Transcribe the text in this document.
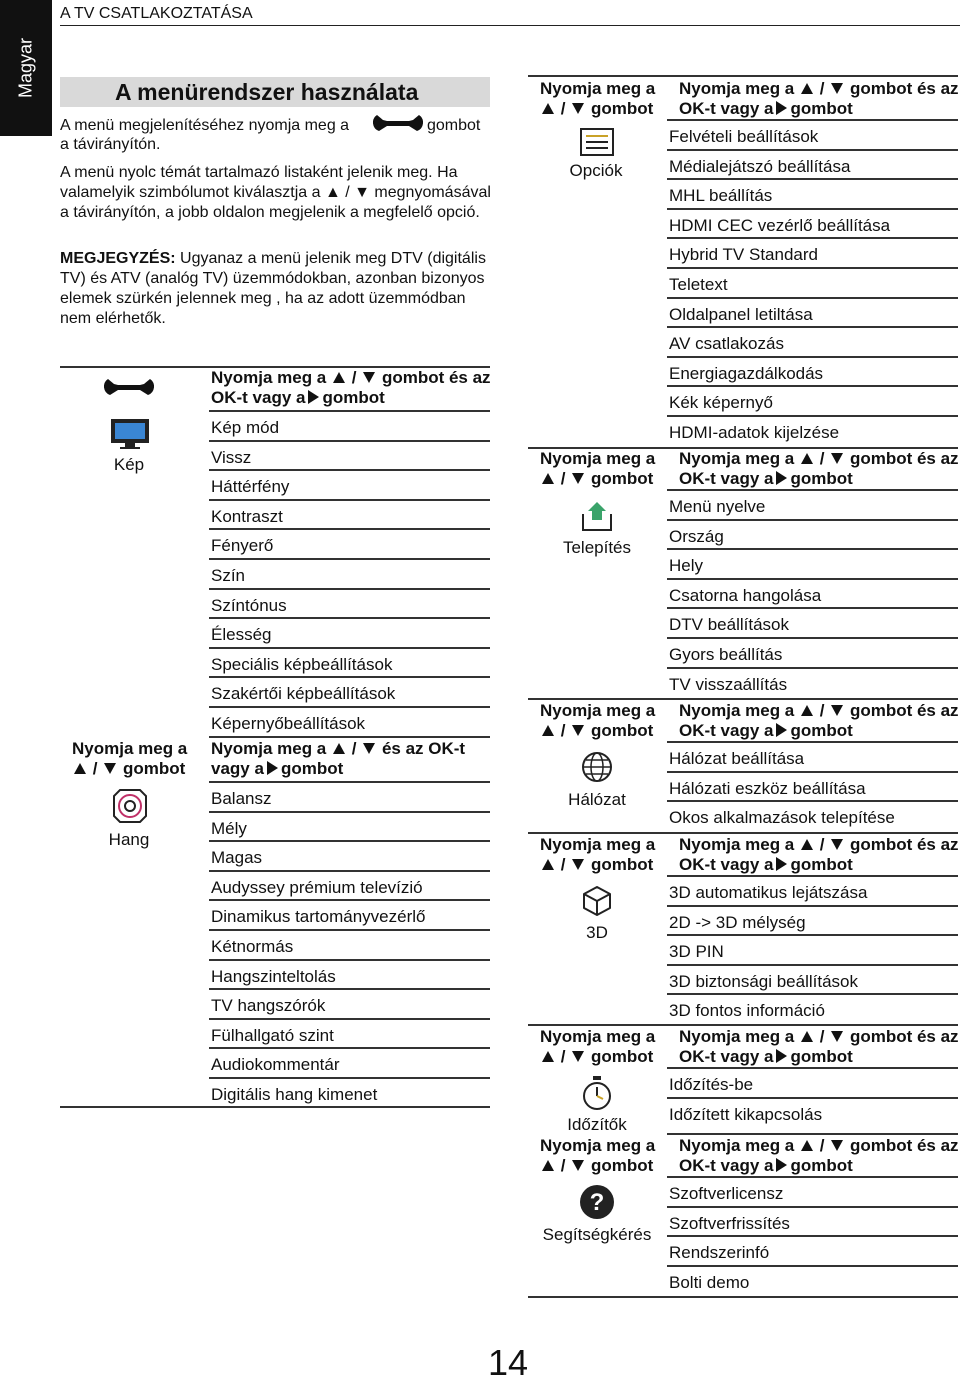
Magyar
A TV CSATLAKOZTATÁSA
A menürendszer használata
A menü megjelenítéséhez nyomja meg a	gombot
a távirányítón.
A menü nyolc témát tartalmazó listaként jelenik meg. Ha valamelyik szimbólumot kiválasztja a ▲ / ▼ megnyomásával a távirányítón, a jobb oldalon megjelenik a megfelelő opció.
MEGJEGYZÉS: Ugyanaz a menü jelenik meg DTV (digitális TV) és ATV (analóg TV) üzemmódokban, azonban bizonyos elemek szürkén jelennek meg , ha az adott üzemmódban nem elérhetők.
Kép
Nyomja meg a / gombot és az
OK-t vagy a gombot
Kép mód
Vissz
Háttérfény
Kontraszt
Fényerő
Szín
Színtónus
Élesség
Speciális képbeállítások
Szakértői képbeállítások
Képernyőbeállítások
Nyomja meg a
/ gombot
Hang
Nyomja meg a / és az OK-t
vagy a gombot
Balansz
Mély
Magas
Audyssey prémium televízió
Dinamikus tartományvezérlő
Kétnormás
Hangszinteltolás
TV hangszórók
Fülhallgató szint
Audiokommentár
Digitális hang kimenet
Nyomja meg a
/ gombot
Opciók
Nyomja meg a / gombot és az
OK-t vagy a gombot
Felvételi beállítások
Médialejátszó beállítása
MHL beállítás
HDMI CEC vezérlő beállítása
Hybrid TV Standard
Teletext
Oldalpanel letiltása
AV csatlakozás
Energiagazdálkodás
Kék képernyő
HDMI-adatok kijelzése
Nyomja meg a
/ gombot
Telepítés
Nyomja meg a / gombot és az
OK-t vagy a gombot
Menü nyelve
Ország
Hely
Csatorna hangolása
DTV beállítások
Gyors beállítás
TV visszaállítás
Nyomja meg a
/ gombot
Hálózat
Nyomja meg a / gombot és az
OK-t vagy a gombot
Hálózat beállítása
Hálózati eszköz beállítása
Okos alkalmazások telepítése
Nyomja meg a
/ gombot
3D
Nyomja meg a / gombot és az
OK-t vagy a gombot
3D automatikus lejátszása
2D -> 3D mélység
3D PIN
3D biztonsági beállítások
3D fontos információ
Nyomja meg a
/ gombot
Időzítők
Nyomja meg a / gombot és az
OK-t vagy a gombot
Időzítés-be
Időzített kikapcsolás
Nyomja meg a
/ gombot
?
Segítségkérés
Nyomja meg a / gombot és az
OK-t vagy a gombot
Szoftverlicensz
Szoftverfrissítés
Rendszerinfó
Bolti demo
14
